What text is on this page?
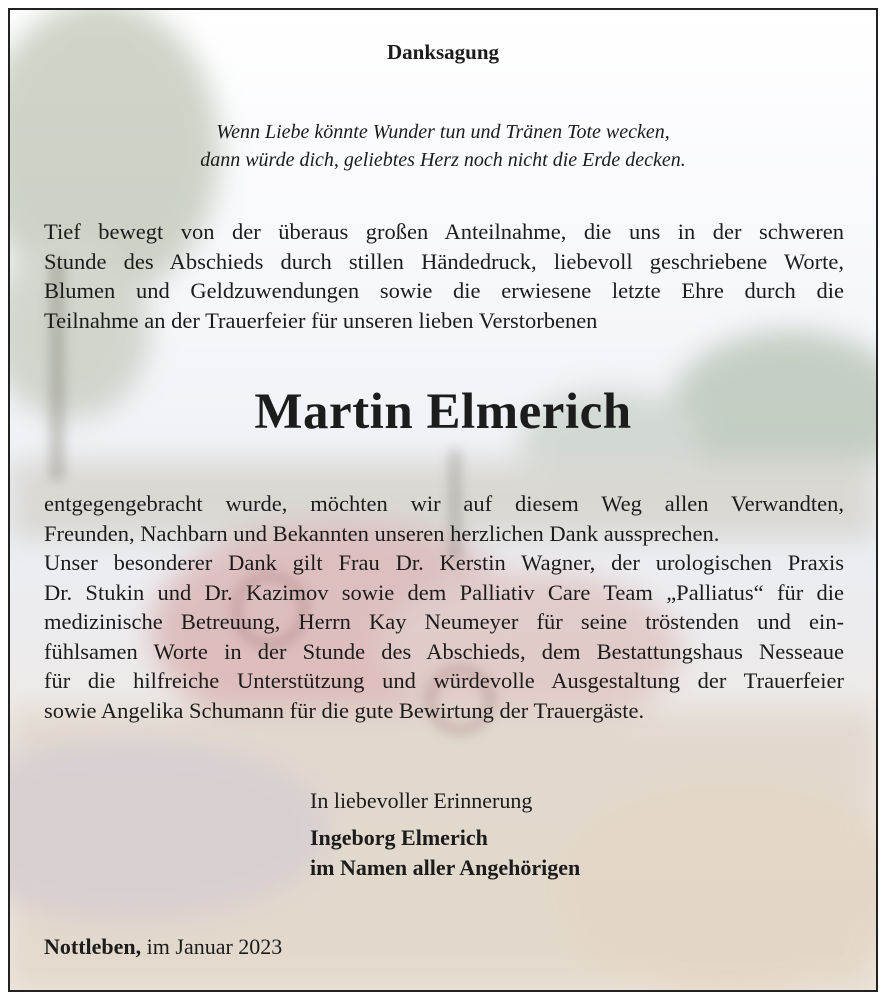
Danksagung
Wenn Liebe könnte Wunder tun und Tränen Tote wecken,
dann würde dich, geliebtes Herz noch nicht die Erde decken.
Tief bewegt von der überaus großen Anteilnahme, die uns in der schweren
Stunde des Abschieds durch stillen Händedruck, liebevoll geschriebene Worte,
Blumen und Geldzuwendungen sowie die erwiesene letzte Ehre durch die
Teilnahme an der Trauerfeier für unseren lieben Verstorbenen
Martin Elmerich
entgegengebracht wurde, möchten wir auf diesem Weg allen Verwandten,
Freunden, Nachbarn und Bekannten unseren herzlichen Dank aussprechen.
Unser besonderer Dank gilt Frau Dr. Kerstin Wagner, der urologischen Praxis
Dr. Stukin und Dr. Kazimov sowie dem Palliativ Care Team „Palliatus“ für die
medizinische Betreuung, Herrn Kay Neumeyer für seine tröstenden und ein-
fühlsamen Worte in der Stunde des Abschieds, dem Bestattungshaus Nesseaue
für die hilfreiche Unterstützung und würdevolle Ausgestaltung der Trauerfeier
sowie Angelika Schumann für die gute Bewirtung der Trauergäste.
In liebevoller Erinnerung
Ingeborg Elmerich
im Namen aller Angehörigen
Nottleben, im Januar 2023
